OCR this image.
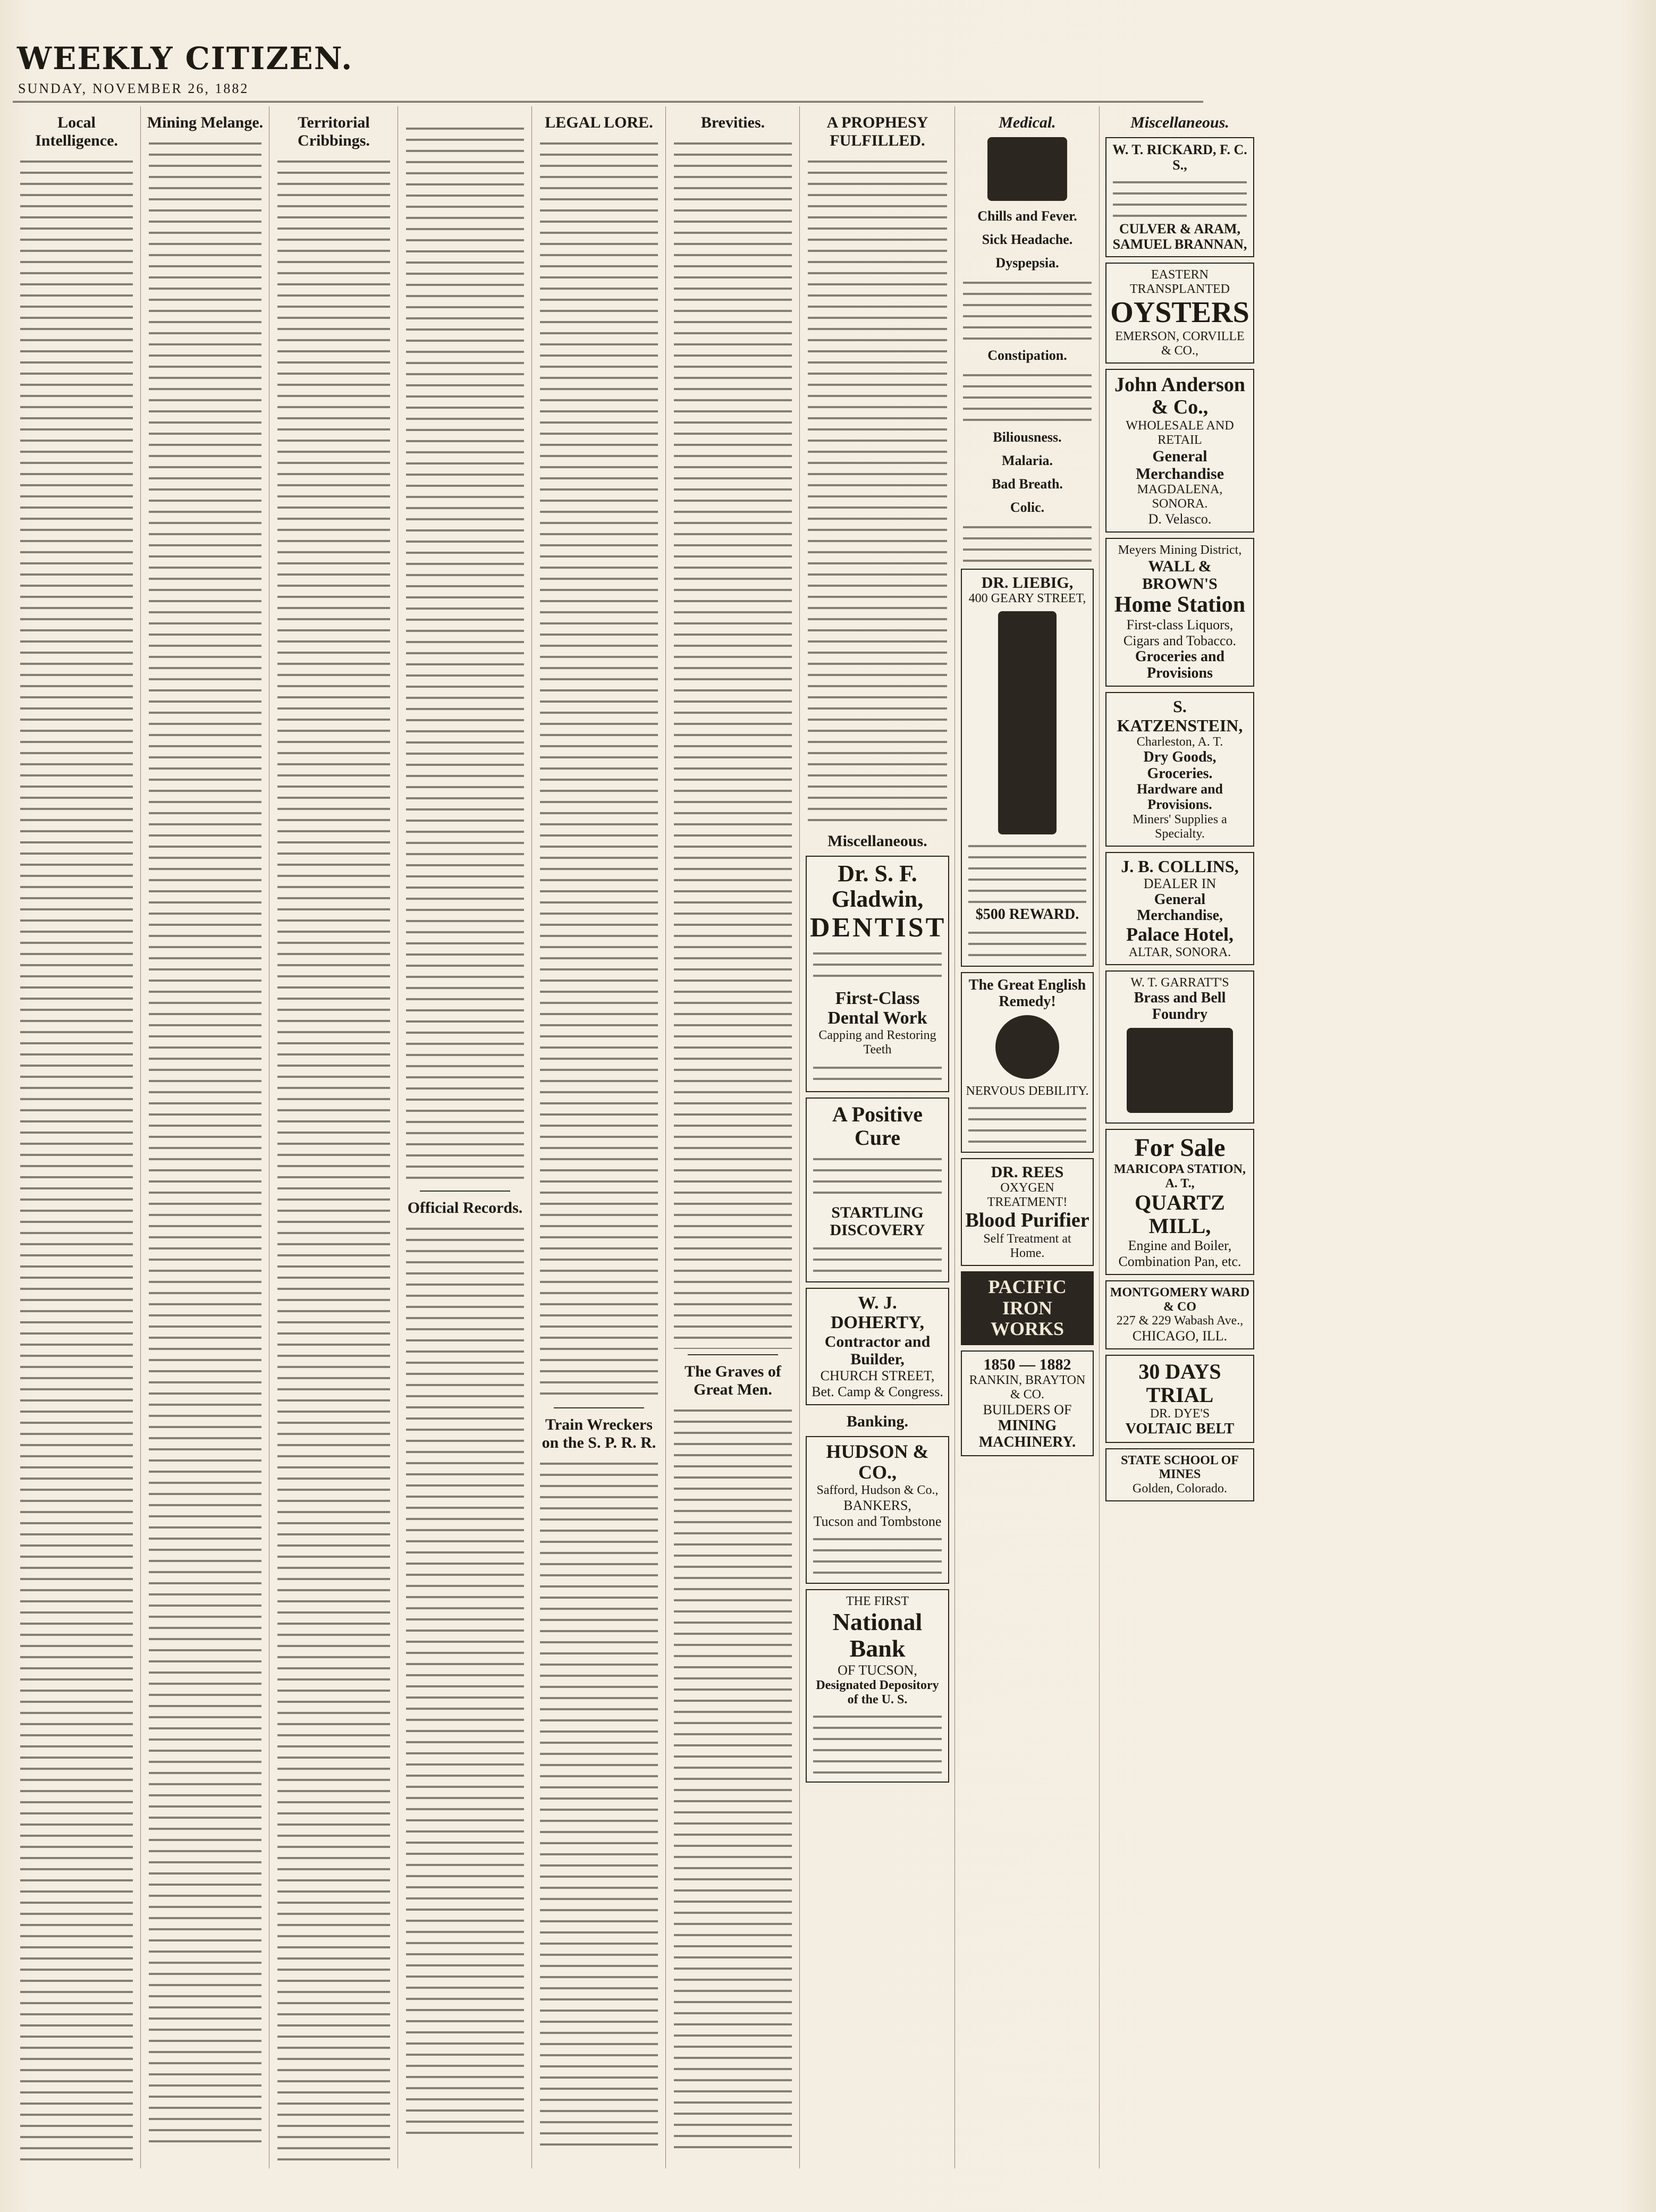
WEEKLY CITIZEN.
SUNDAY, NOVEMBER 26, 1882
Local Intelligence.
Mining Melange.	Territorial Cribbings.
Official Records.
LEGAL LORE.
Train Wreckers on the S. P. R. R.
Brevities.
The Graves of Great Men.
A PROPHESY FULFILLED.
Miscellaneous.
Dr. S. F. Gladwin,
DENTIST
First-Class Dental Work
Capping and Restoring Teeth
A Positive Cure
STARTLING DISCOVERY
W. J. DOHERTY,
Contractor and Builder,
CHURCH STREET,
Bet. Camp & Congress.
Banking.
HUDSON & CO.,
Safford, Hudson & Co.,
BANKERS,
Tucson and Tombstone
THE FIRST
National Bank
OF TUCSON,
Designated Depository of the U. S.
Medical.
Chills and Fever.
Sick Headache.
Dyspepsia.
Constipation.
Biliousness.
Malaria.
Bad Breath.
Colic.
DR. LIEBIG,
400 GEARY STREET,
$500 REWARD.
The Great English Remedy!
NERVOUS DEBILITY.
DR. REES
OXYGEN TREATMENT!
Blood Purifier
Self Treatment at Home.
PACIFIC IRON WORKS
1850 — 1882
RANKIN, BRAYTON & CO.
BUILDERS OF
MINING MACHINERY.
Miscellaneous.
W. T. RICKARD, F. C. S.,
CULVER & ARAM,
SAMUEL BRANNAN,
EASTERN TRANSPLANTED
OYSTERS
EMERSON, CORVILLE & CO.,
John Anderson & Co.,
WHOLESALE AND RETAIL
General Merchandise
MAGDALENA, SONORA.
D. Velasco.
Meyers Mining District,
WALL & BROWN'S
Home Station
First-class Liquors, Cigars and Tobacco.
Groceries and Provisions
S. KATZENSTEIN,
Charleston, A. T.
Dry Goods, Groceries.
Hardware and Provisions.
Miners' Supplies a Specialty.
J. B. COLLINS,
DEALER IN
General Merchandise,
Palace Hotel,
ALTAR, SONORA.
W. T. GARRATT'S
Brass and Bell Foundry
For Sale
MARICOPA STATION, A. T.,
QUARTZ MILL,
Engine and Boiler, Combination Pan, etc.
MONTGOMERY WARD & CO
227 & 229 Wabash Ave.,
CHICAGO, ILL.
30 DAYS TRIAL
DR. DYE'S
VOLTAIC BELT
STATE SCHOOL OF MINES
Golden, Colorado.
